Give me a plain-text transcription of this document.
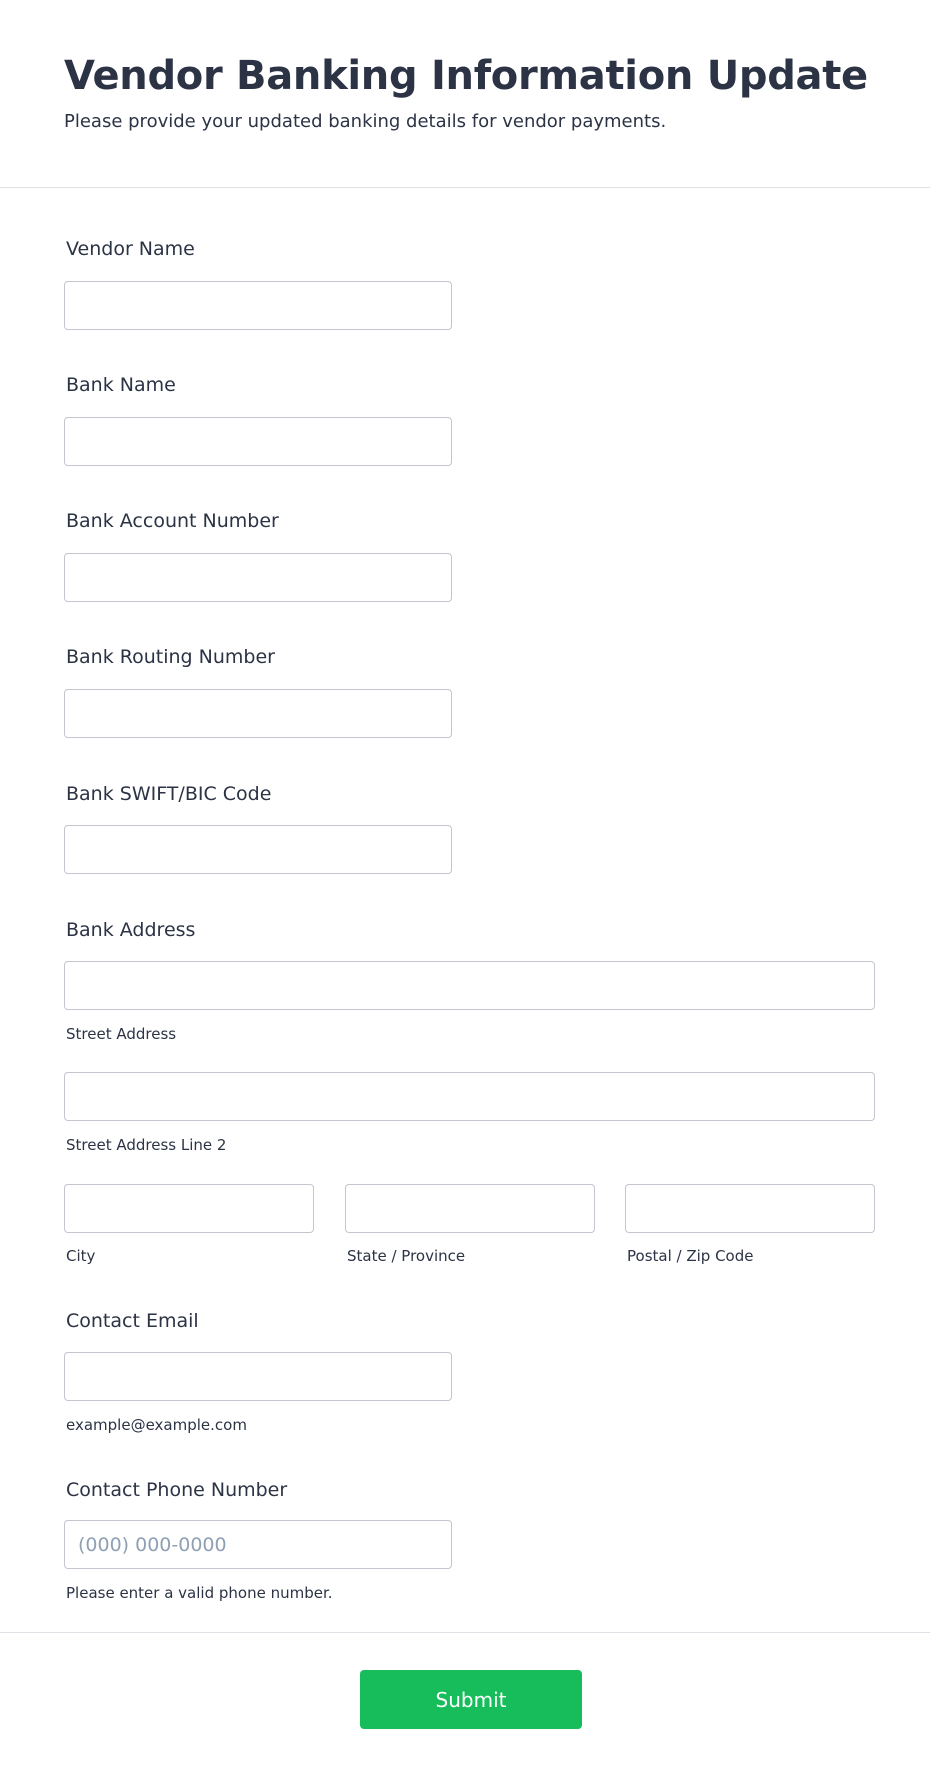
Vendor Banking Information Update
Please provide your updated banking details for vendor payments.
Vendor Name
Bank Name
Bank Account Number
Bank Routing Number
Bank SWIFT/BIC Code
Bank Address
Street Address
Street Address Line 2
City	State / Province	Postal / Zip Code
Contact Email
example@example.com
Contact Phone Number
(000) 000-0000
Please enter a valid phone number.
Submit
